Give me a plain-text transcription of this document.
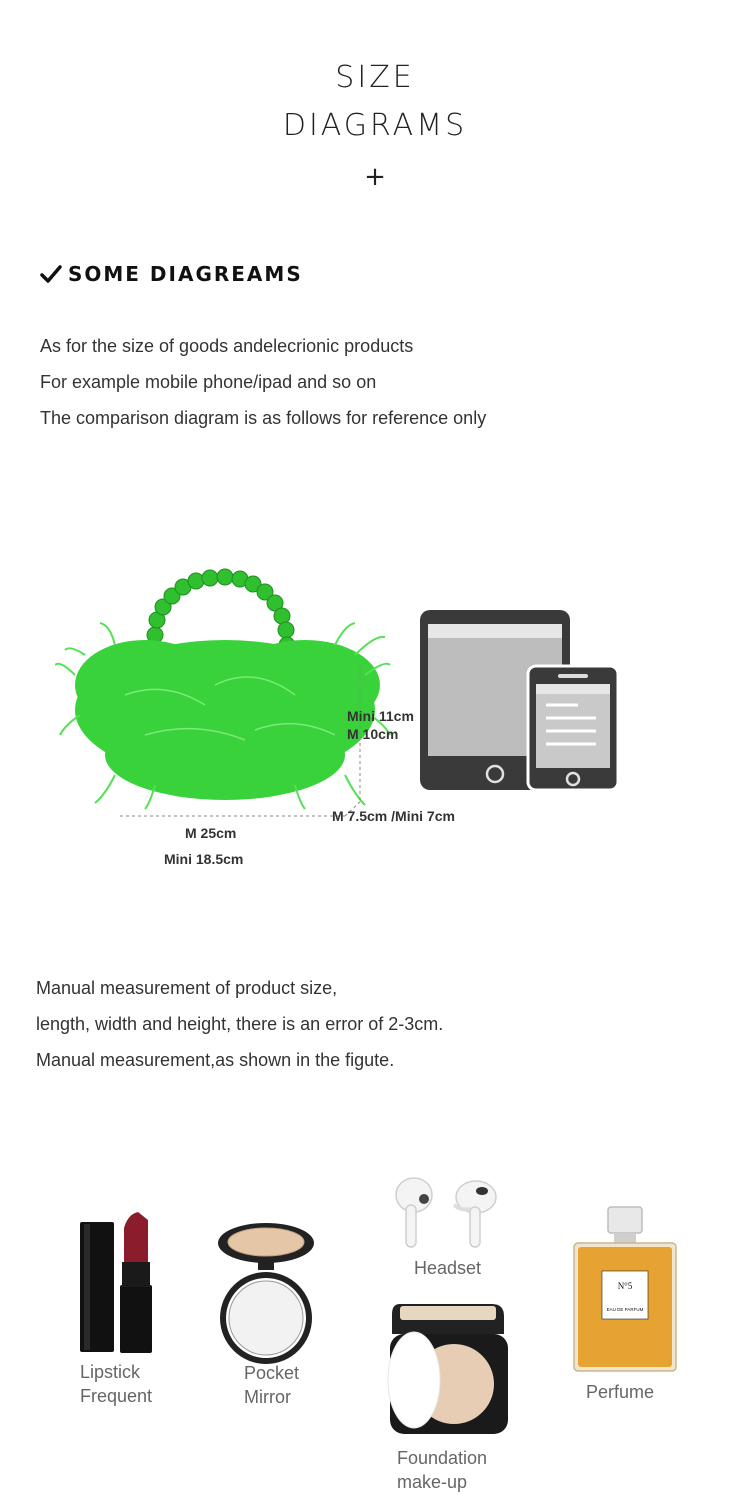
SIZE
DIAGRAMS
+
SOME DIAGREAMS
As for the size of goods andelecrionic products
For example mobile phone/ipad and so on
The comparison diagram is as follows for reference only
Mini 11cm
M 10cm
M 7.5cm /Mini 7cm
M 25cm
Mini 18.5cm
Manual measurement of product size,
length, width and height, there is an error of 2-3cm.
Manual measurement,as shown in the figute.
Lipstick
Frequent
Pocket
Mirror
Headset
Foundation
make-up
N°5
EAU DE PARFUM
Perfume
